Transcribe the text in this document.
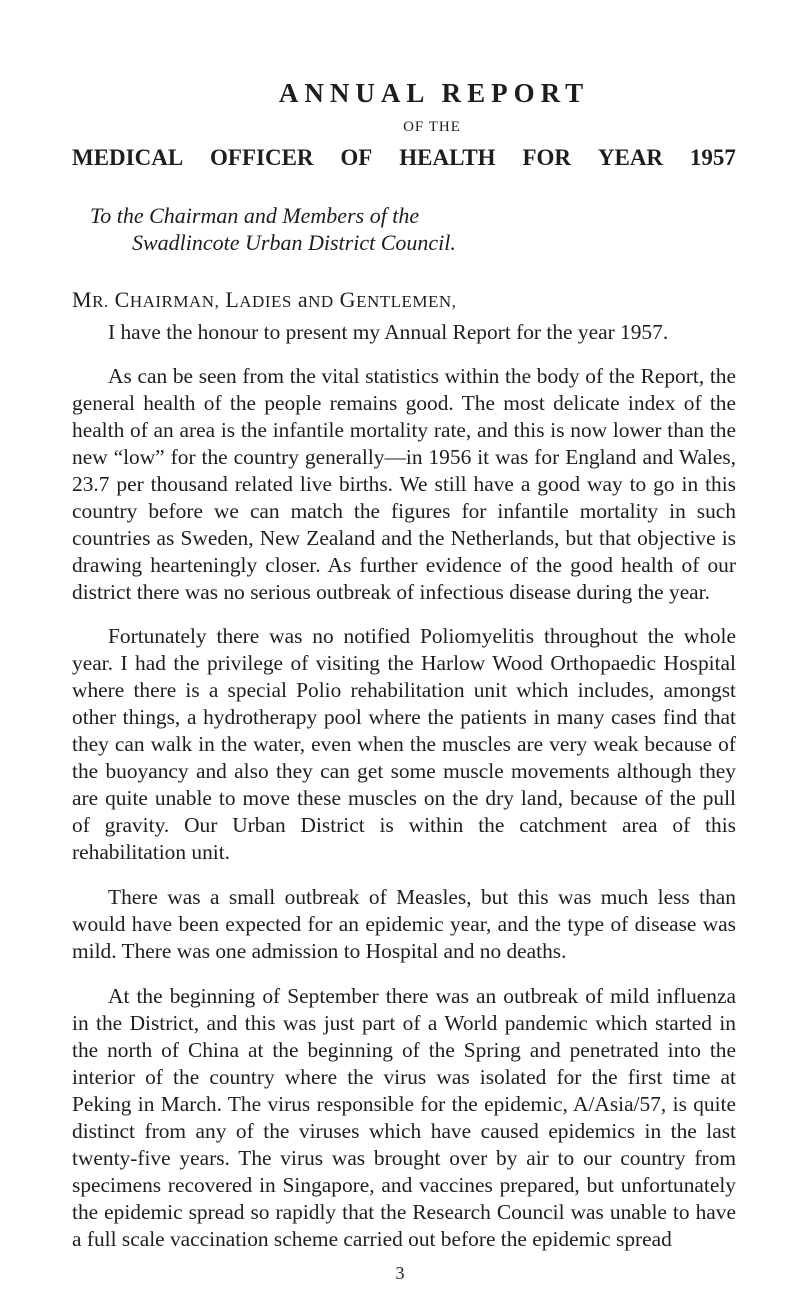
ANNUAL REPORT
OF THE
MEDICAL OFFICER OF HEALTH FOR YEAR 1957
To the Chairman and Members of the
Swadlincote Urban District Council.
MR. CHAIRMAN, LADIES aND GENTLEMEN,

I have the honour to present my Annual Report for the year 1957.

As can be seen from the vital statistics within the body of the Report, the general health of the people remains good. The most delicate index of the health of an area is the infantile mortality rate, and this is now lower than the new “low” for the country generally—in 1956 it was for England and Wales, 23.7 per thousand related live births. We still have a good way to go in this country before we can match the figures for infantile mortality in such countries as Sweden, New Zealand and the Netherlands, but that objective is drawing hearteningly closer. As further evidence of the good health of our district there was no serious outbreak of infectious disease during the year.

Fortunately there was no notified Poliomyelitis throughout the whole year. I had the privilege of visiting the Harlow Wood Orthopaedic Hospital where there is a special Polio rehabilitation unit which includes, amongst other things, a hydrotherapy pool where the patients in many cases find that they can walk in the water, even when the muscles are very weak because of the buoyancy and also they can get some muscle movements although they are quite unable to move these muscles on the dry land, because of the pull of gravity. Our Urban District is within the catchment area of this rehabilitation unit.

There was a small outbreak of Measles, but this was much less than would have been expected for an epidemic year, and the type of disease was mild. There was one admission to Hospital and no deaths.

At the beginning of September there was an outbreak of mild influenza in the District, and this was just part of a World pandemic which started in the north of China at the beginning of the Spring and penetrated into the interior of the country where the virus was isolated for the first time at Peking in March. The virus responsible for the epidemic, A/Asia/57, is quite distinct from any of the viruses which have caused epidemics in the last twenty-five years. The virus was brought over by air to our country from specimens recovered in Singapore, and vaccines prepared, but unfortunately the epidemic spread so rapidly that the Research Council was unable to have a full scale vaccination scheme carried out before the epidemic spread

3
